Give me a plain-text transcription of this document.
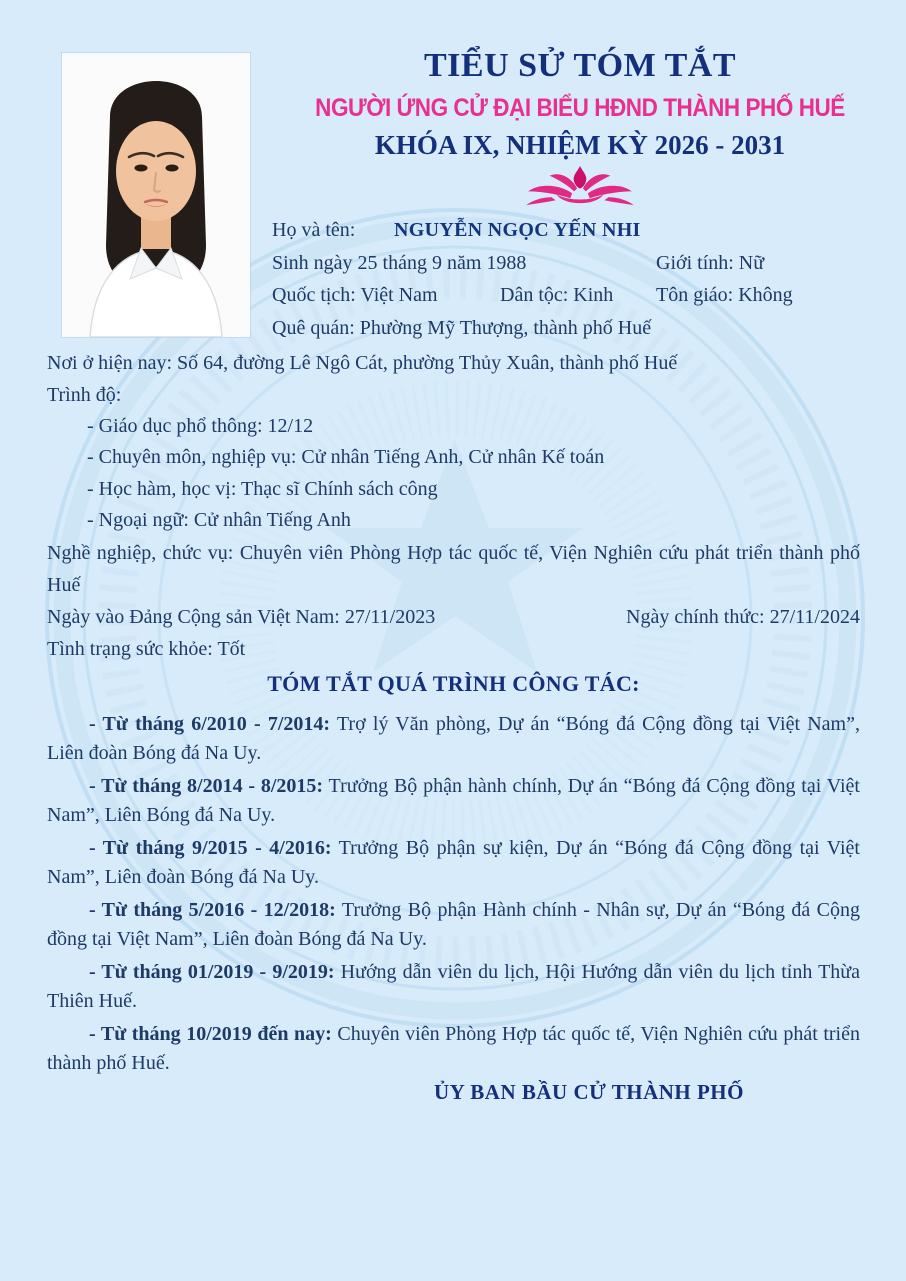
TIỂU SỬ TÓM TẮT
NGƯỜI ỨNG CỬ ĐẠI BIỂU HĐND THÀNH PHỐ HUẾ
KHÓA IX, NHIỆM KỲ 2026 - 2031
Họ và tên:	NGUYỄN NGỌC YẾN NHI
Sinh ngày 25 tháng 9 năm 1988	Giới tính: Nữ
Quốc tịch: Việt Nam	Dân tộc: Kinh	Tôn giáo: Không
Quê quán: Phường Mỹ Thượng, thành phố Huế
Nơi ở hiện nay: Số 64, đường Lê Ngô Cát, phường Thủy Xuân, thành phố Huế
Trình độ:
- Giáo dục phổ thông: 12/12
- Chuyên môn, nghiệp vụ: Cử nhân Tiếng Anh, Cử nhân Kế toán
- Học hàm, học vị: Thạc sĩ Chính sách công
- Ngoại ngữ: Cử nhân Tiếng Anh
Nghề nghiệp, chức vụ: Chuyên viên Phòng Hợp tác quốc tế, Viện Nghiên cứu phát triển thành phố Huế
Ngày vào Đảng Cộng sản Việt Nam: 27/11/2023	Ngày chính thức: 27/11/2024
Tình trạng sức khỏe: Tốt
TÓM TẮT QUÁ TRÌNH CÔNG TÁC:

- Từ tháng 6/2010 - 7/2014: Trợ lý Văn phòng, Dự án “Bóng đá Cộng đồng tại Việt Nam”, Liên đoàn Bóng đá Na Uy.

- Từ tháng 8/2014 - 8/2015: Trưởng Bộ phận hành chính, Dự án “Bóng đá Cộng đồng tại Việt Nam”, Liên Bóng đá Na Uy.

- Từ tháng 9/2015 - 4/2016: Trưởng Bộ phận sự kiện, Dự án “Bóng đá Cộng đồng tại Việt Nam”, Liên đoàn Bóng đá Na Uy.

- Từ tháng 5/2016 - 12/2018: Trưởng Bộ phận Hành chính - Nhân sự, Dự án “Bóng đá Cộng đồng tại Việt Nam”, Liên đoàn Bóng đá Na Uy.

- Từ tháng 01/2019 - 9/2019: Hướng dẫn viên du lịch, Hội Hướng dẫn viên du lịch tỉnh Thừa Thiên Huế.

- Từ tháng 10/2019 đến nay: Chuyên viên Phòng Hợp tác quốc tế, Viện Nghiên cứu phát triển thành phố Huế.

ỦY BAN BẦU CỬ THÀNH PHỐ
